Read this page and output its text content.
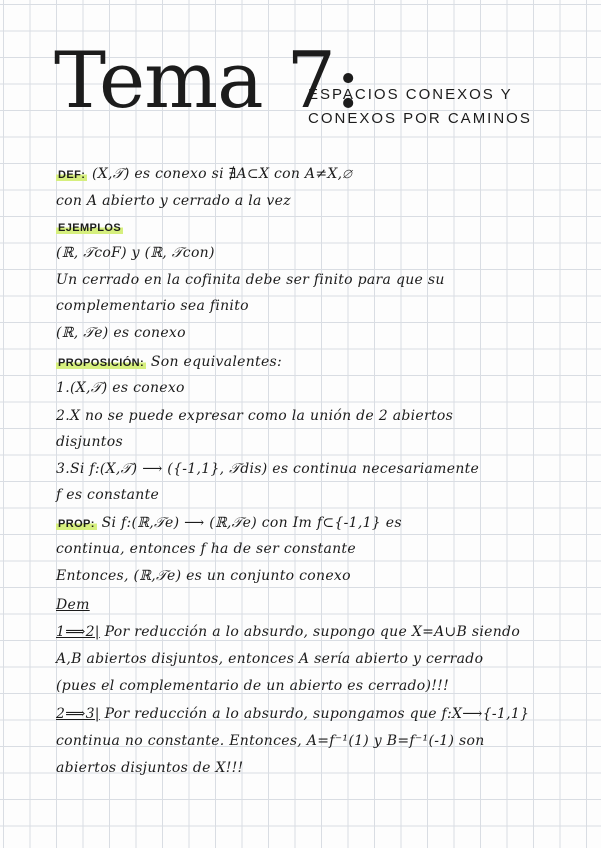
Tema 7:
ESPACIOS CONEXOS Y
CONEXOS POR CAMINOS
DEF: (X,𝒯) es conexo si ∄A⊂X con A≠X,∅
con A abierto y cerrado a la vez
EJEMPLOS
(ℝ, 𝒯coF) y (ℝ, 𝒯con)
Un cerrado en la cofinita debe ser finito para que su
complementario sea finito
(ℝ, 𝒯e) es conexo
PROPOSICIÓN: Son equivalentes:
1.(X,𝒯) es conexo
2.X no se puede expresar como la unión de 2 abiertos
disjuntos
3.Si f:(X,𝒯) ⟶ ({-1,1}, 𝒯dis) es continua necesariamente
f es constante
PROP: Si f:(ℝ,𝒯e) ⟶ (ℝ,𝒯e) con Im f⊂{-1,1} es
continua, entonces f ha de ser constante
Entonces, (ℝ,𝒯e) es un conjunto conexo
Dem
1⟹2| Por reducción a lo absurdo, supongo que X=A∪B siendo
A,B abiertos disjuntos, entonces A sería abierto y cerrado
(pues el complementario de un abierto es cerrado)!!!
2⟹3| Por reducción a lo absurdo, supongamos que f:X⟶{-1,1}
continua no constante. Entonces, A=f⁻¹(1) y B=f⁻¹(-1) son
abiertos disjuntos de X!!!
